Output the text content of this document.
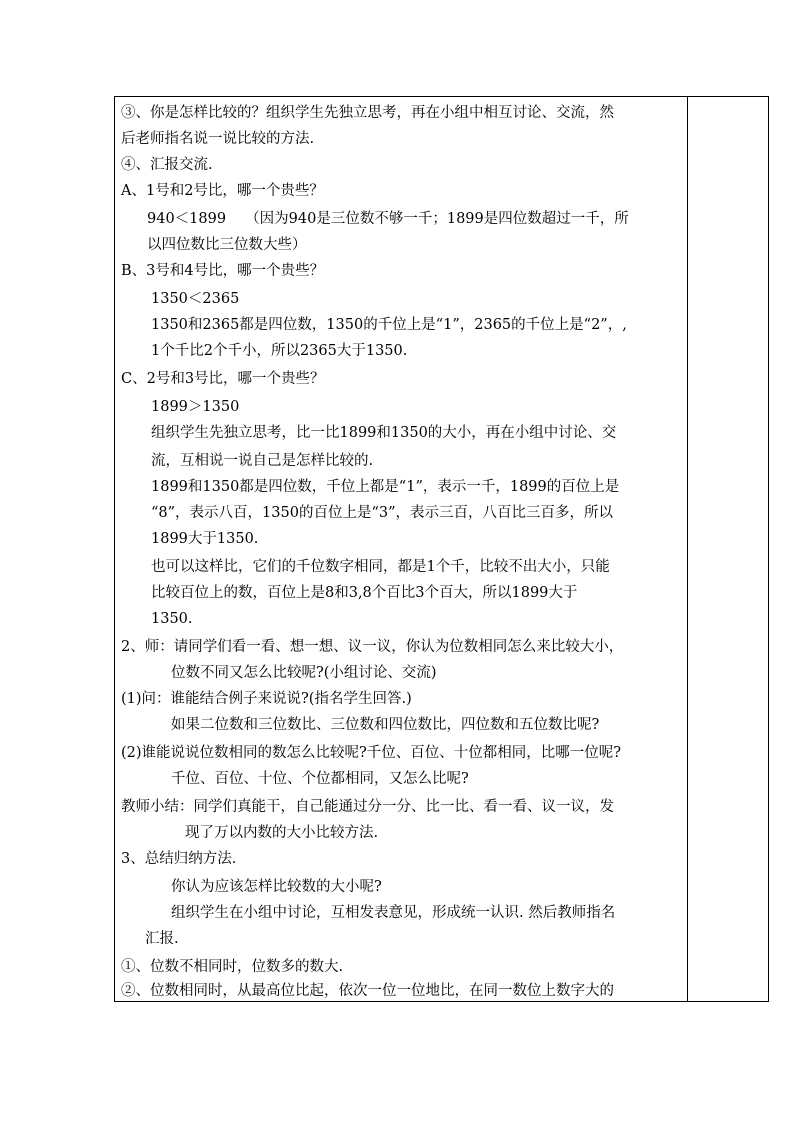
③、你是怎样比较的？组织学生先独立思考，再在小组中相互讨论、交流，然
后老师指名说一说比较的方法.
④、汇报交流.
A、1号和2号比，哪一个贵些？
940＜1899　 （因为940是三位数不够一千；1899是四位数超过一千，所
以四位数比三位数大些）
B、3号和4号比，哪一个贵些？
1350＜2365
1350和2365都是四位数，1350的千位上是“1”，2365的千位上是“2”，,
1个千比2个千小，所以2365大于1350.
C、2号和3号比，哪一个贵些？
1899＞1350
组织学生先独立思考，比一比1899和1350的大小，再在小组中讨论、交
流，互相说一说自己是怎样比较的.
1899和1350都是四位数，千位上都是“1”，表示一千，1899的百位上是
“8”，表示八百，1350的百位上是“3”，表示三百，八百比三百多，所以
1899大于1350.
也可以这样比，它们的千位数字相同，都是1个千，比较不出大小，只能
比较百位上的数，百位上是8和3,8个百比3个百大，所以1899大于
1350.
2、师：请同学们看一看、想一想、议一议，你认为位数相同怎么来比较大小，
位数不同又怎么比较呢?(小组讨论、交流)
(1)问：谁能结合例子来说说?(指名学生回答.)
如果二位数和三位数比、三位数和四位数比，四位数和五位数比呢?
(2)谁能说说位数相同的数怎么比较呢?千位、百位、十位都相同，比哪一位呢?
千位、百位、十位、个位都相同，又怎么比呢?
教师小结：同学们真能干，自己能通过分一分、比一比、看一看、议一议，发
现了万以内数的大小比较方法.
3、总结归纳方法.
你认为应该怎样比较数的大小呢?
组织学生在小组中讨论，互相发表意见，形成统一认识. 然后教师指名
汇报.
①、位数不相同时，位数多的数大.
②、位数相同时，从最高位比起，依次一位一位地比，在同一数位上数字大的
